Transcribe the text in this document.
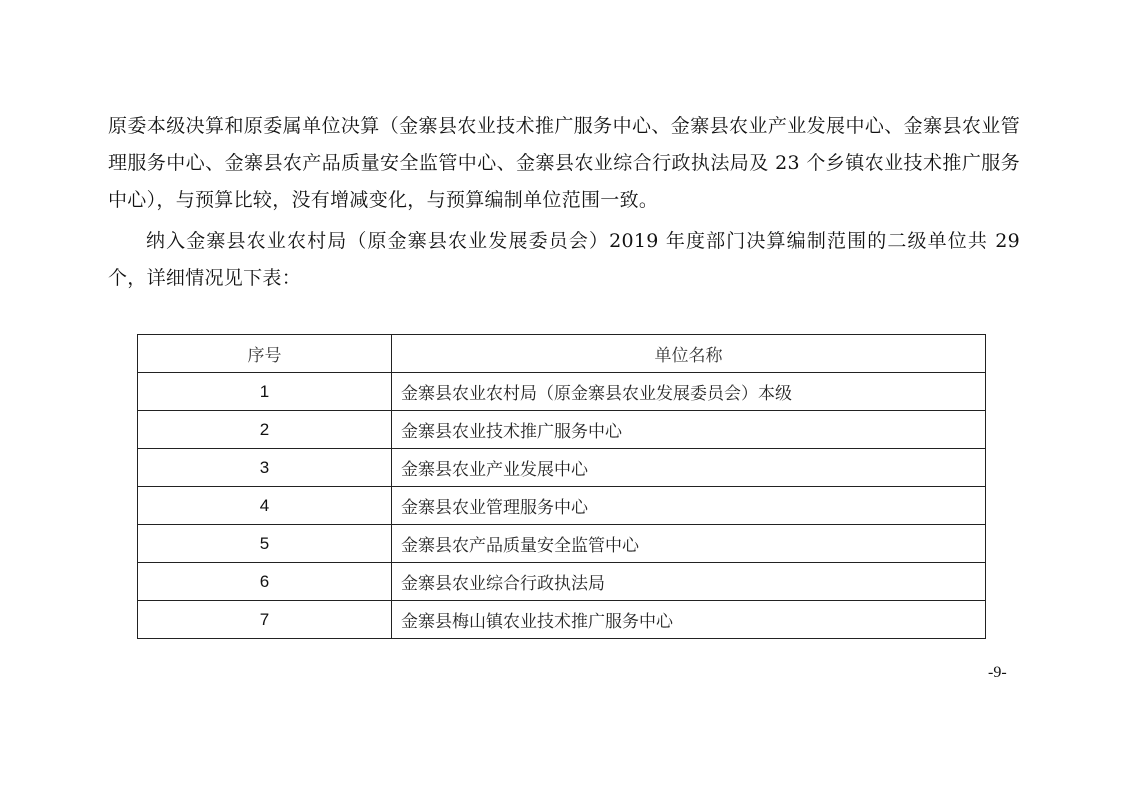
原委本级决算和原委属单位决算（金寨县农业技术推广服务中心、金寨县农业产业发展中心、金寨县农业管理服务中心、金寨县农产品质量安全监管中心、金寨县农业综合行政执法局及 23 个乡镇农业技术推广服务中心），与预算比较，没有增减变化，与预算编制单位范围一致。

纳入金寨县农业农村局（原金寨县农业发展委员会）2019 年度部门决算编制范围的二级单位共 29 个，详细情况见下表：

序号	单位名称
1	金寨县农业农村局（原金寨县农业发展委员会）本级
2	金寨县农业技术推广服务中心
3	金寨县农业产业发展中心
4	金寨县农业管理服务中心
5	金寨县农产品质量安全监管中心
6	金寨县农业综合行政执法局
7	金寨县梅山镇农业技术推广服务中心
-9-
